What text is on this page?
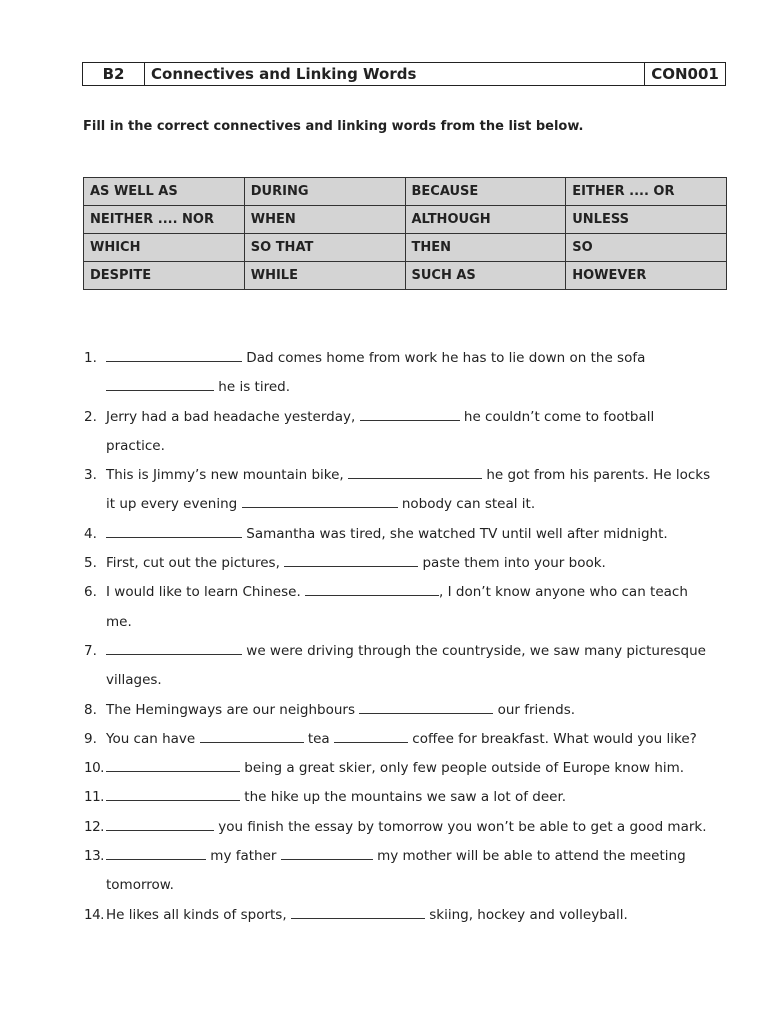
B2	Connectives and Linking Words	CON001
Fill in the correct connectives and linking words from the list below.
AS WELL AS	DURING	BECAUSE	EITHER .... OR
NEITHER .... NOR	WHEN	ALTHOUGH	UNLESS
WHICH	SO THAT	THEN	SO
DESPITE	WHILE	SUCH AS	HOWEVER
1.	Dad comes home from work he has to lie down on the sofa
he is tired.
2. Jerry had a bad headache yesterday,	he couldn’t come to football
practice.
3. This is Jimmy’s new mountain bike,	he got from his parents. He locks
it up every evening	nobody can steal it.
4.	Samantha was tired, she watched TV until well after midnight.
5. First, cut out the pictures,	paste them into your book.
6. I would like to learn Chinese.	, I don’t know anyone who can teach
me.
7.	we were driving through the countryside, we saw many picturesque
villages.
8. The Hemingways are our neighbours	our friends.
9. You can have	tea	coffee for breakfast. What would you like?
10.	being a great skier, only few people outside of Europe know him.
11.	the hike up the mountains we saw a lot of deer.
12.	you finish the essay by tomorrow you won’t be able to get a good mark.
13.	my father	my mother will be able to attend the meeting
tomorrow.
14. He likes all kinds of sports,	skiing, hockey and volleyball.
